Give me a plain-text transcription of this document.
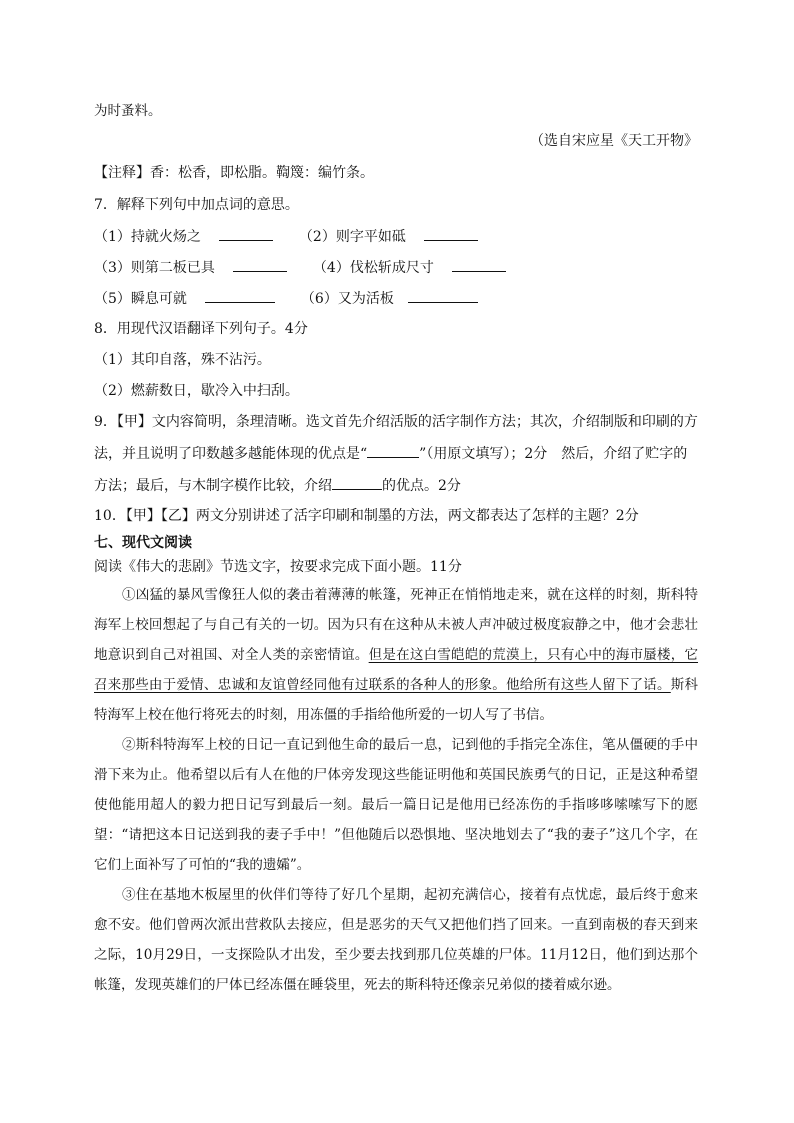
为时蚤料。
（选自宋应星《天工开物》
【注释】香：松香，即松脂。鞫篾：编竹条。
7．解释下列句中加点词的意思。
（1）持就火炀之	（2）则字平如砥
（3）则第二板已具	（4）伐松斩成尺寸
（5）瞬息可就	（6）又为活板
8．用现代汉语翻译下列句子。4分
（1）其印自落，殊不沾污。
（2）燃薪数日，歇冷入中扫刮。
9．【甲】文内容简明，条理清晰。选文首先介绍活版的活字制作方法；其次，介绍制版和印刷的方
法，并且说明了印数越多越能体现的优点是“	”（用原文填写）；2分　然后，介绍了贮字的
方法；最后，与木制字模作比较，介绍	的优点。2分
10．【甲】【乙】两文分别讲述了活字印刷和制墨的方法，两文都表达了怎样的主题？2分
七、现代文阅读
阅读《伟大的悲剧》节选文字，按要求完成下面小题。11分

①凶猛的暴风雪像狂人似的袭击着薄薄的帐篷，死神正在悄悄地走来，就在这样的时刻，斯科特海军上校回想起了与自己有关的一切。因为只有在这种从未被人声冲破过极度寂静之中，他才会悲壮地意识到自己对祖国、对全人类的亲密情谊。但是在这白雪皑皑的荒漠上，只有心中的海市蜃楼，它召来那些由于爱情、忠诚和友谊曾经同他有过联系的各种人的形象。他给所有这些人留下了话。斯科特海军上校在他行将死去的时刻，用冻僵的手指给他所爱的一切人写了书信。

②斯科特海军上校的日记一直记到他生命的最后一息，记到他的手指完全冻住，笔从僵硬的手中滑下来为止。他希望以后有人在他的尸体旁发现这些能证明他和英国民族勇气的日记，正是这种希望使他能用超人的毅力把日记写到最后一刻。最后一篇日记是他用已经冻伤的手指哆哆嗦嗦写下的愿望：“请把这本日记送到我的妻子手中！”但他随后以恐惧地、坚决地划去了“我的妻子”这几个字，在它们上面补写了可怕的“我的遗孀”。

③住在基地木板屋里的伙伴们等待了好几个星期，起初充满信心，接着有点忧虑，最后终于愈来愈不安。他们曾两次派出营救队去接应，但是恶劣的天气又把他们挡了回来。一直到南极的春天到来之际，10月29日，一支探险队才出发，至少要去找到那几位英雄的尸体。11月12日，他们到达那个帐篷，发现英雄们的尸体已经冻僵在睡袋里，死去的斯科特还像亲兄弟似的搂着威尔逊。
